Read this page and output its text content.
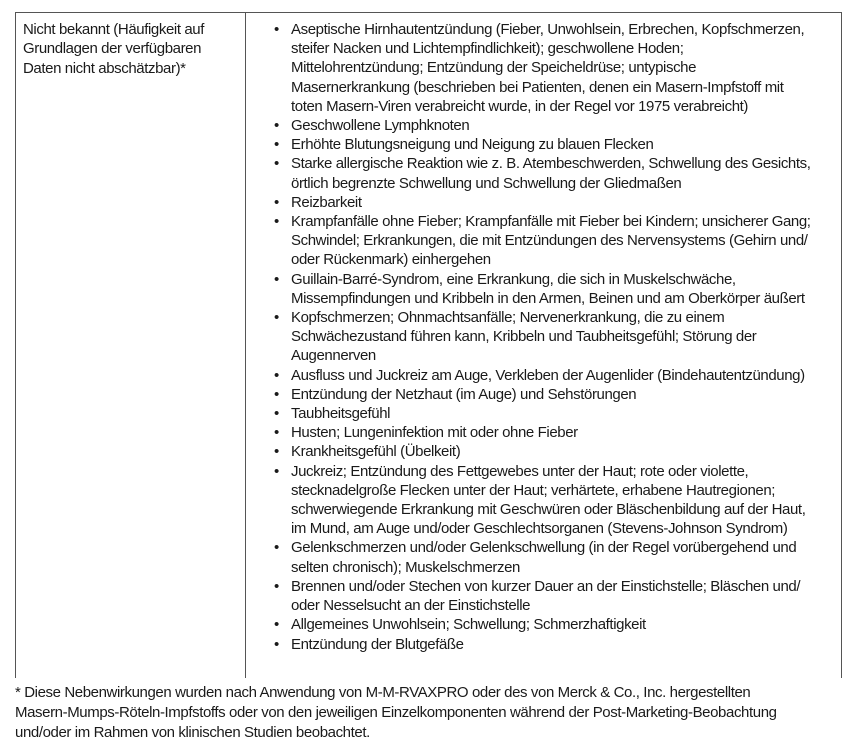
Nicht bekannt (Häufigkeit auf
Grundlagen der verfügbaren
Daten nicht abschätzbar)*
• Aseptische Hirnhautentzündung (Fieber, Unwohlsein, Erbrechen, Kopfschmerzen,
steifer Nacken und Lichtempfindlichkeit); geschwollene Hoden;
Mittelohrentzündung; Entzündung der Speicheldrüse; untypische
Masernerkrankung (beschrieben bei Patienten, denen ein Masern-Impfstoff mit
toten Masern-Viren verabreicht wurde, in der Regel vor 1975 verabreicht)
• Geschwollene Lymphknoten
• Erhöhte Blutungsneigung und Neigung zu blauen Flecken
• Starke allergische Reaktion wie z. B. Atembeschwerden, Schwellung des Gesichts,
örtlich begrenzte Schwellung und Schwellung der Gliedmaßen
• Reizbarkeit
• Krampfanfälle ohne Fieber; Krampfanfälle mit Fieber bei Kindern; unsicherer Gang;
Schwindel; Erkrankungen, die mit Entzündungen des Nervensystems (Gehirn und/
oder Rückenmark) einhergehen
• Guillain-Barré-Syndrom, eine Erkrankung, die sich in Muskelschwäche,
Missempfindungen und Kribbeln in den Armen, Beinen und am Oberkörper äußert
• Kopfschmerzen; Ohnmachtsanfälle; Nervenerkrankung, die zu einem
Schwächezustand führen kann, Kribbeln und Taubheitsgefühl; Störung der
Augennerven
• Ausfluss und Juckreiz am Auge, Verkleben der Augenlider (Bindehautentzündung)
• Entzündung der Netzhaut (im Auge) und Sehstörungen
• Taubheitsgefühl
• Husten; Lungeninfektion mit oder ohne Fieber
• Krankheitsgefühl (Übelkeit)
• Juckreiz; Entzündung des Fettgewebes unter der Haut; rote oder violette,
stecknadelgroße Flecken unter der Haut; verhärtete, erhabene Hautregionen;
schwerwiegende Erkrankung mit Geschwüren oder Bläschenbildung auf der Haut,
im Mund, am Auge und/oder Geschlechtsorganen (Stevens-Johnson Syndrom)
• Gelenkschmerzen und/oder Gelenkschwellung (in der Regel vorübergehend und
selten chronisch); Muskelschmerzen
• Brennen und/oder Stechen von kurzer Dauer an der Einstichstelle; Bläschen und/
oder Nesselsucht an der Einstichstelle
• Allgemeines Unwohlsein; Schwellung; Schmerzhaftigkeit
• Entzündung der Blutgefäße
* Diese Nebenwirkungen wurden nach Anwendung von M-M-RVAXPRO oder des von Merck & Co., Inc. hergestellten
Masern-Mumps-Röteln-Impfstoffs oder von den jeweiligen Einzelkomponenten während der Post-Marketing-Beobachtung
und/oder im Rahmen von klinischen Studien beobachtet.
